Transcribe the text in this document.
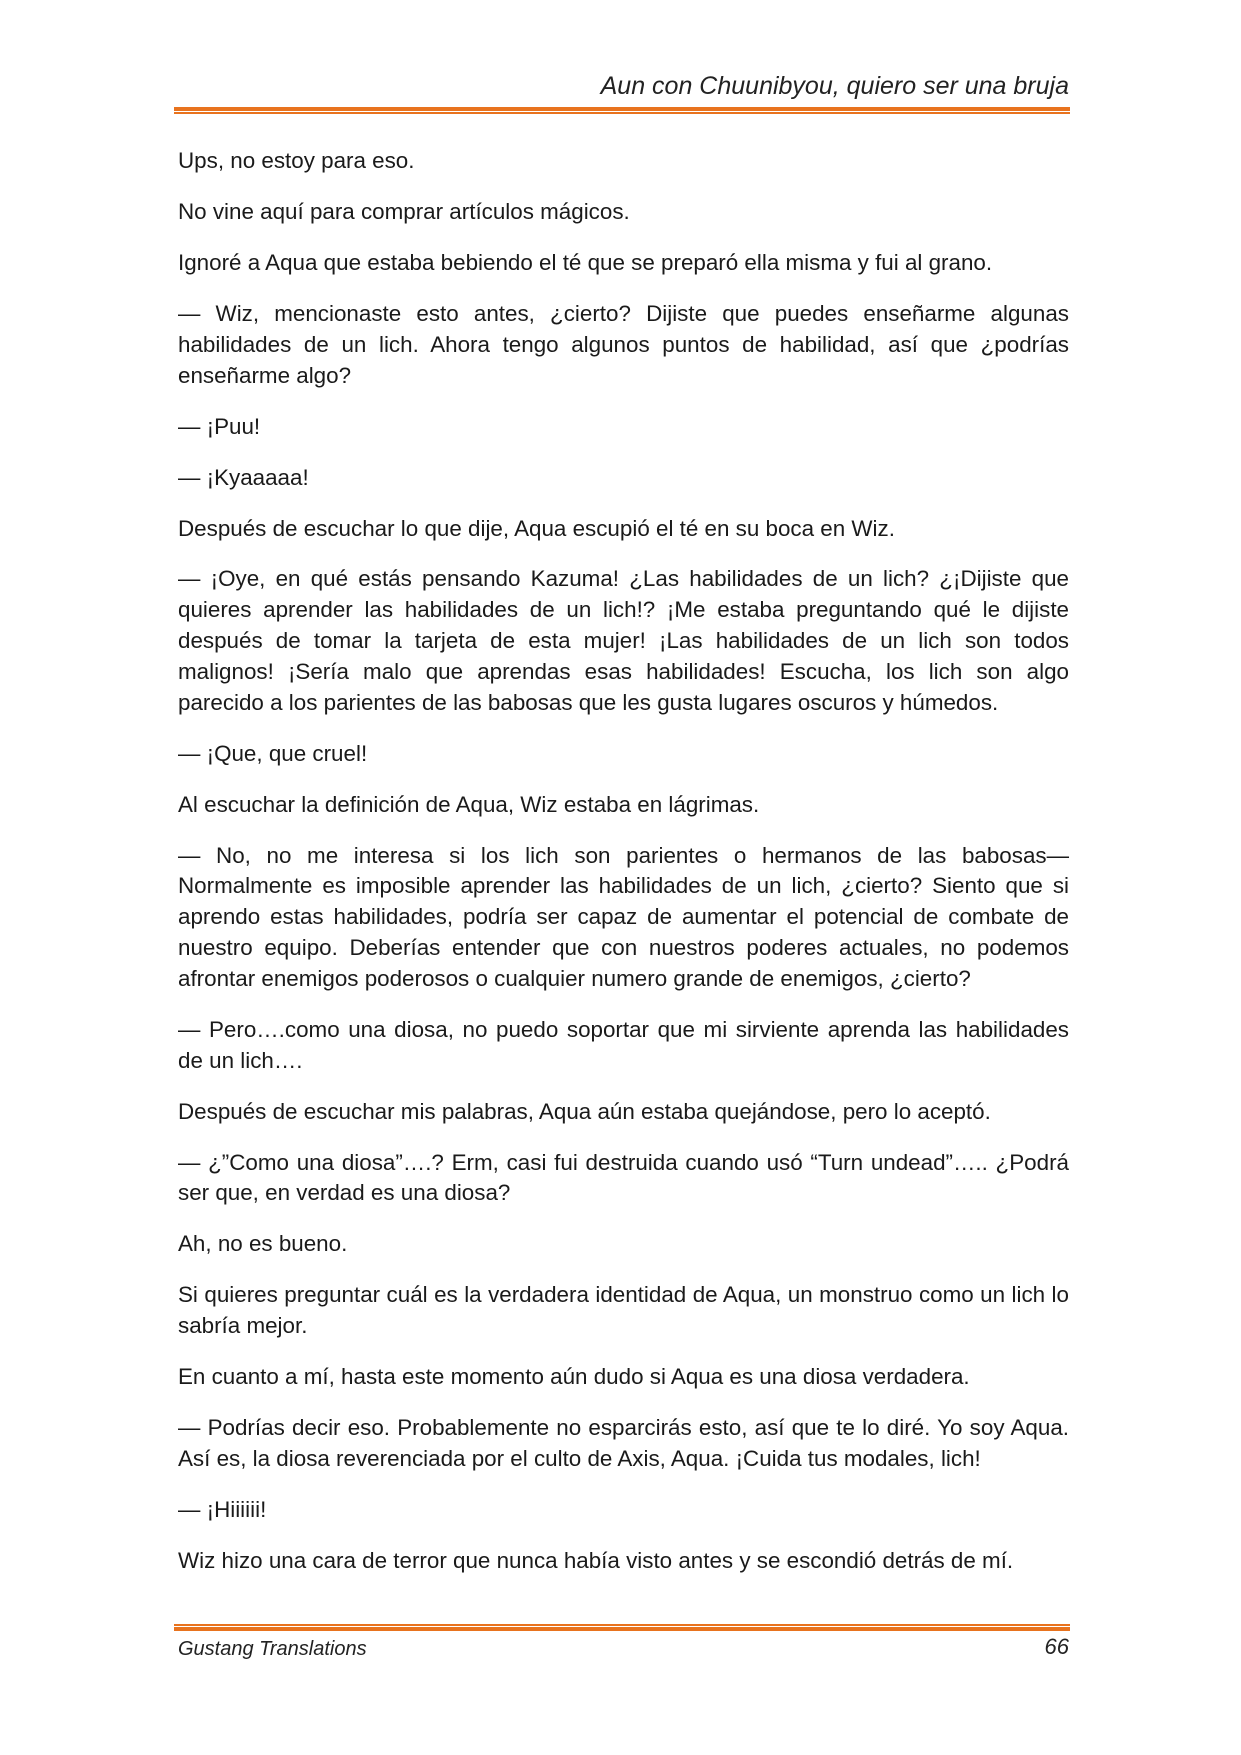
Aun con Chuunibyou, quiero ser una bruja

Ups, no estoy para eso.

No vine aquí para comprar artículos mágicos.

Ignoré a Aqua que estaba bebiendo el té que se preparó ella misma y fui al grano.

— Wiz, mencionaste esto antes, ¿cierto? Dijiste que puedes enseñarme algunas habilidades de un lich. Ahora tengo algunos puntos de habilidad, así que ¿podrías enseñarme algo?

— ¡Puu!

— ¡Kyaaaaa!

Después de escuchar lo que dije, Aqua escupió el té en su boca en Wiz.

— ¡Oye, en qué estás pensando Kazuma! ¿Las habilidades de un lich? ¿¡Dijiste que quieres aprender las habilidades de un lich!? ¡Me estaba preguntando qué le dijiste después de tomar la tarjeta de esta mujer! ¡Las habilidades de un lich son todos malignos! ¡Sería malo que aprendas esas habilidades! Escucha, los lich son algo parecido a los parientes de las babosas que les gusta lugares oscuros y húmedos.

— ¡Que, que cruel!

Al escuchar la definición de Aqua, Wiz estaba en lágrimas.

— No, no me interesa si los lich son parientes o hermanos de las babosas— Normalmente es imposible aprender las habilidades de un lich, ¿cierto? Siento que si aprendo estas habilidades, podría ser capaz de aumentar el potencial de combate de nuestro equipo. Deberías entender que con nuestros poderes actuales, no podemos afrontar enemigos poderosos o cualquier numero grande de enemigos, ¿cierto?

— Pero….como una diosa, no puedo soportar que mi sirviente aprenda las habilidades de un lich….

Después de escuchar mis palabras, Aqua aún estaba quejándose, pero lo aceptó.

— ¿”Como una diosa”….? Erm, casi fui destruida cuando usó “Turn undead”….. ¿Podrá ser que, en verdad es una diosa?

Ah, no es bueno.

Si quieres preguntar cuál es la verdadera identidad de Aqua, un monstruo como un lich lo sabría mejor.

En cuanto a mí, hasta este momento aún dudo si Aqua es una diosa verdadera.

— Podrías decir eso. Probablemente no esparcirás esto, así que te lo diré. Yo soy Aqua. Así es, la diosa reverenciada por el culto de Axis, Aqua. ¡Cuida tus modales, lich!

— ¡Hiiiiii!

Wiz hizo una cara de terror que nunca había visto antes y se escondió detrás de mí.

Gustang Translations	66
